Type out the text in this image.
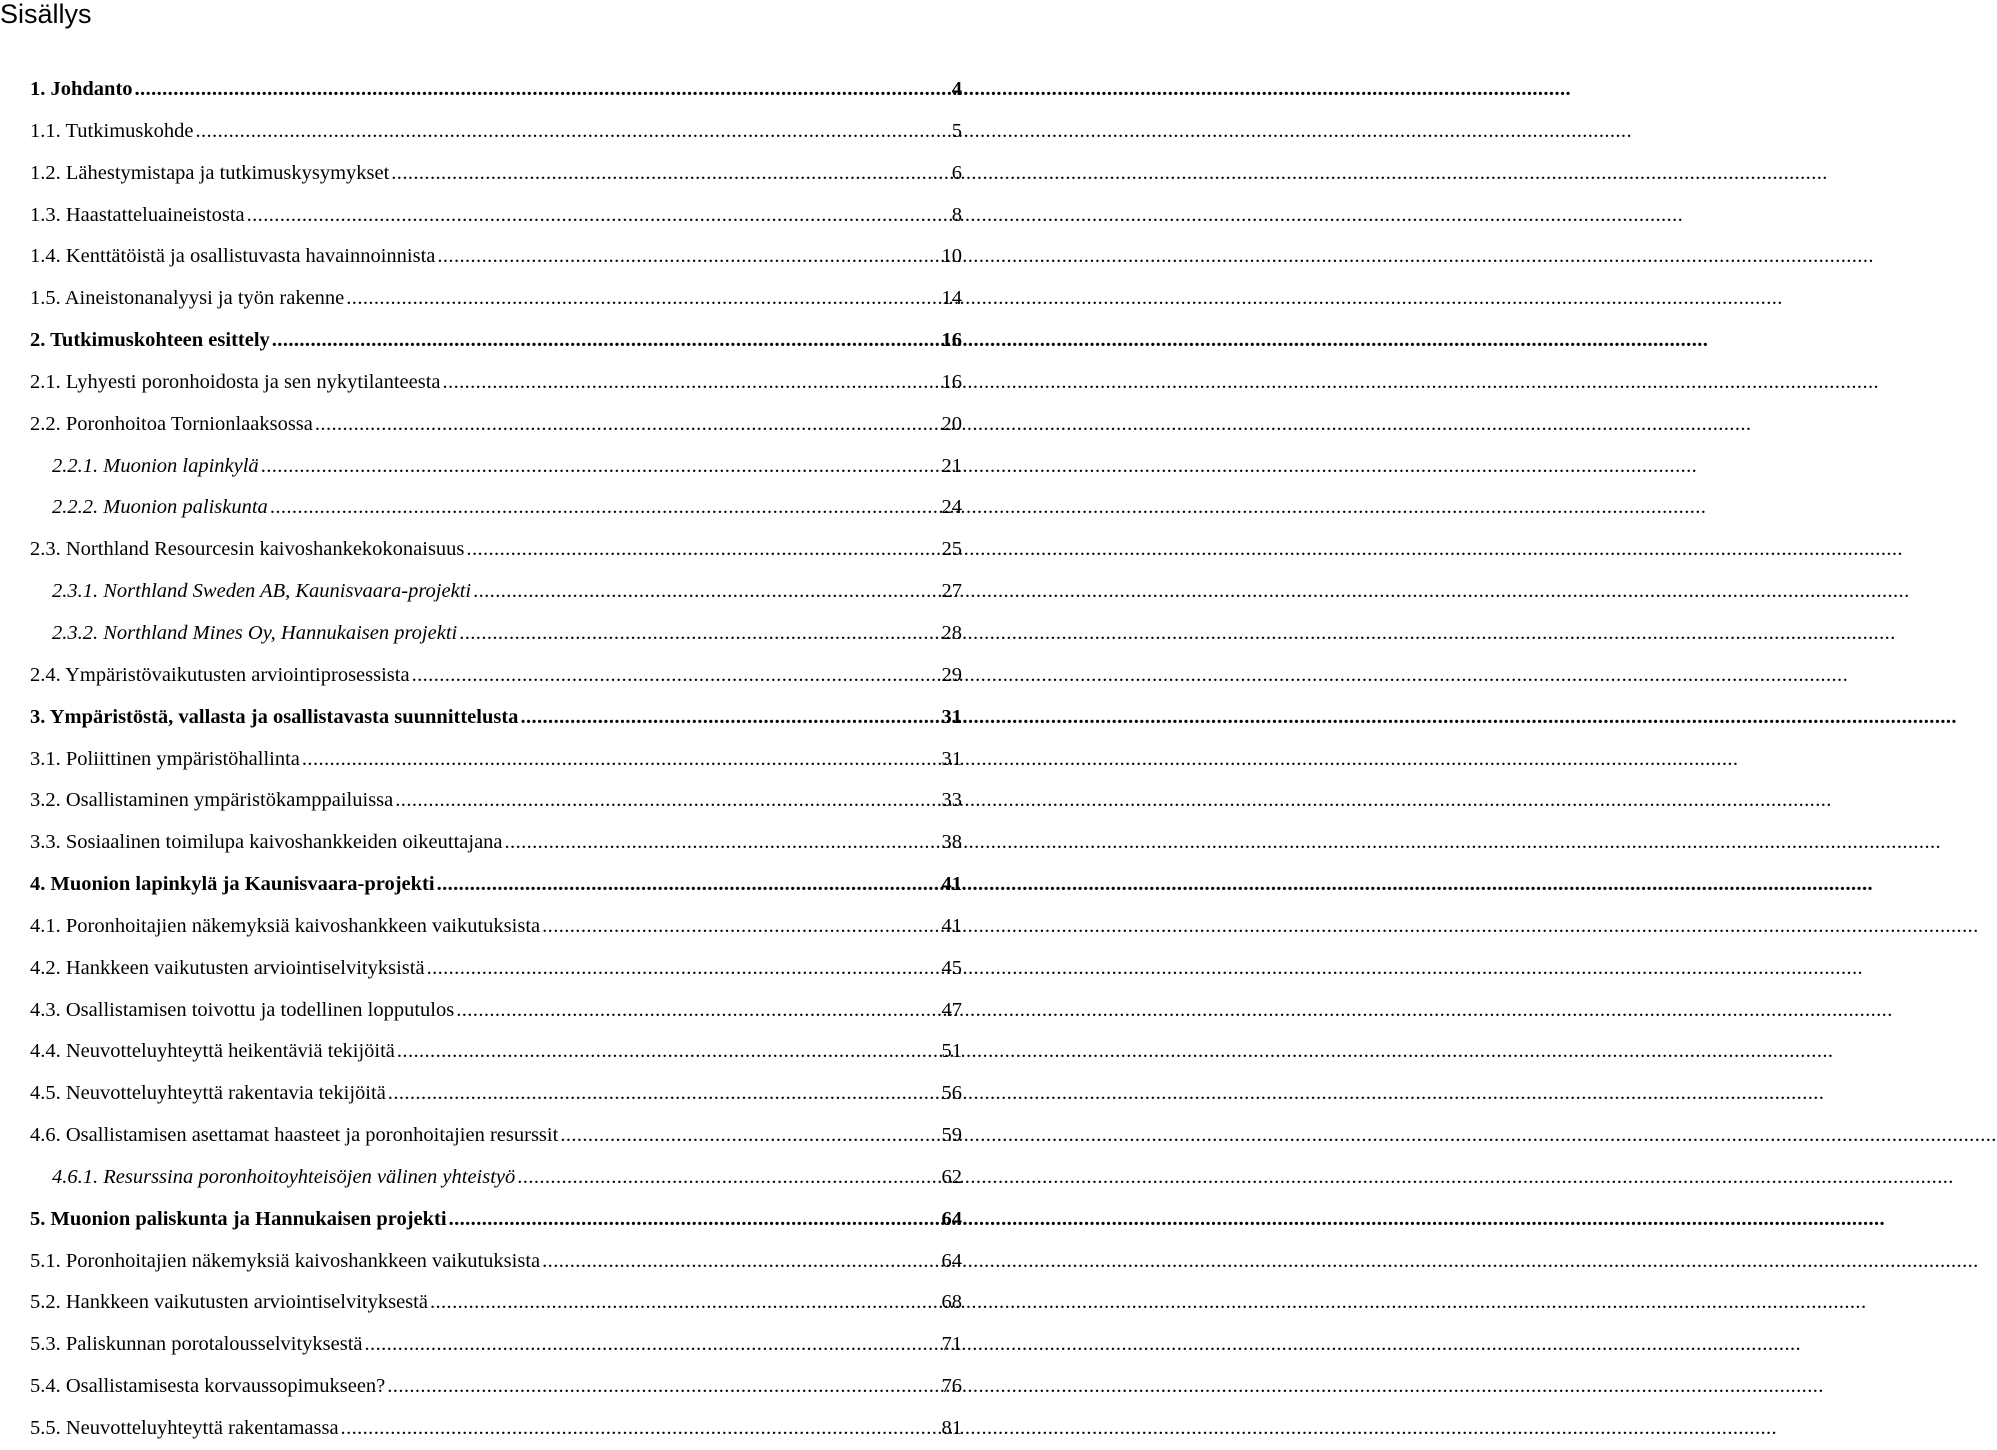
Sisällys
1. Johdanto .....	4
1.1. Tutkimuskohde .....	5
1.2. Lähestymistapa ja tutkimuskysymykset .....	6
1.3. Haastatteluaineistosta .....	8
1.4. Kenttätöistä ja osallistuvasta havainnoinnista .....	10
1.5. Aineistonanalyysi ja työn rakenne .....	14
2. Tutkimuskohteen esittely .....	16
2.1. Lyhyesti poronhoidosta ja sen nykytilanteesta .....	16
2.2. Poronhoitoa Tornionlaaksossa .....	20
2.2.1. Muonion lapinkylä .....	21
2.2.2. Muonion paliskunta .....	24
2.3. Northland Resourcesin kaivoshankekokonaisuus .....	25
2.3.1. Northland Sweden AB, Kaunisvaara-projekti .....	27
2.3.2. Northland Mines Oy, Hannukaisen projekti .....	28
2.4. Ympäristövaikutusten arviointiprosessista .....	29
3. Ympäristöstä, vallasta ja osallistavasta suunnittelusta .....	31
3.1. Poliittinen ympäristöhallinta .....	31
3.2. Osallistaminen ympäristökamppailuissa .....	33
3.3. Sosiaalinen toimilupa kaivoshankkeiden oikeuttajana .....	38
4. Muonion lapinkylä ja Kaunisvaara-projekti .....	41
4.1. Poronhoitajien näkemyksiä kaivoshankkeen vaikutuksista .....	41
4.2. Hankkeen vaikutusten arviointiselvityksistä .....	45
4.3. Osallistamisen toivottu ja todellinen lopputulos .....	47
4.4. Neuvotteluyhteyttä heikentäviä tekijöitä .....	51
4.5. Neuvotteluyhteyttä rakentavia tekijöitä .....	56
4.6. Osallistamisen asettamat haasteet ja poronhoitajien resurssit .....	59
4.6.1. Resurssina poronhoitoyhteisöjen välinen yhteistyö .....	62
5. Muonion paliskunta ja Hannukaisen projekti .....	64
5.1. Poronhoitajien näkemyksiä kaivoshankkeen vaikutuksista .....	64
5.2. Hankkeen vaikutusten arviointiselvityksestä .....	68
5.3. Paliskunnan porotalousselvityksestä .....	71
5.4. Osallistamisesta korvaussopimukseen? .....	76
5.5. Neuvotteluyhteyttä rakentamassa .....	81
